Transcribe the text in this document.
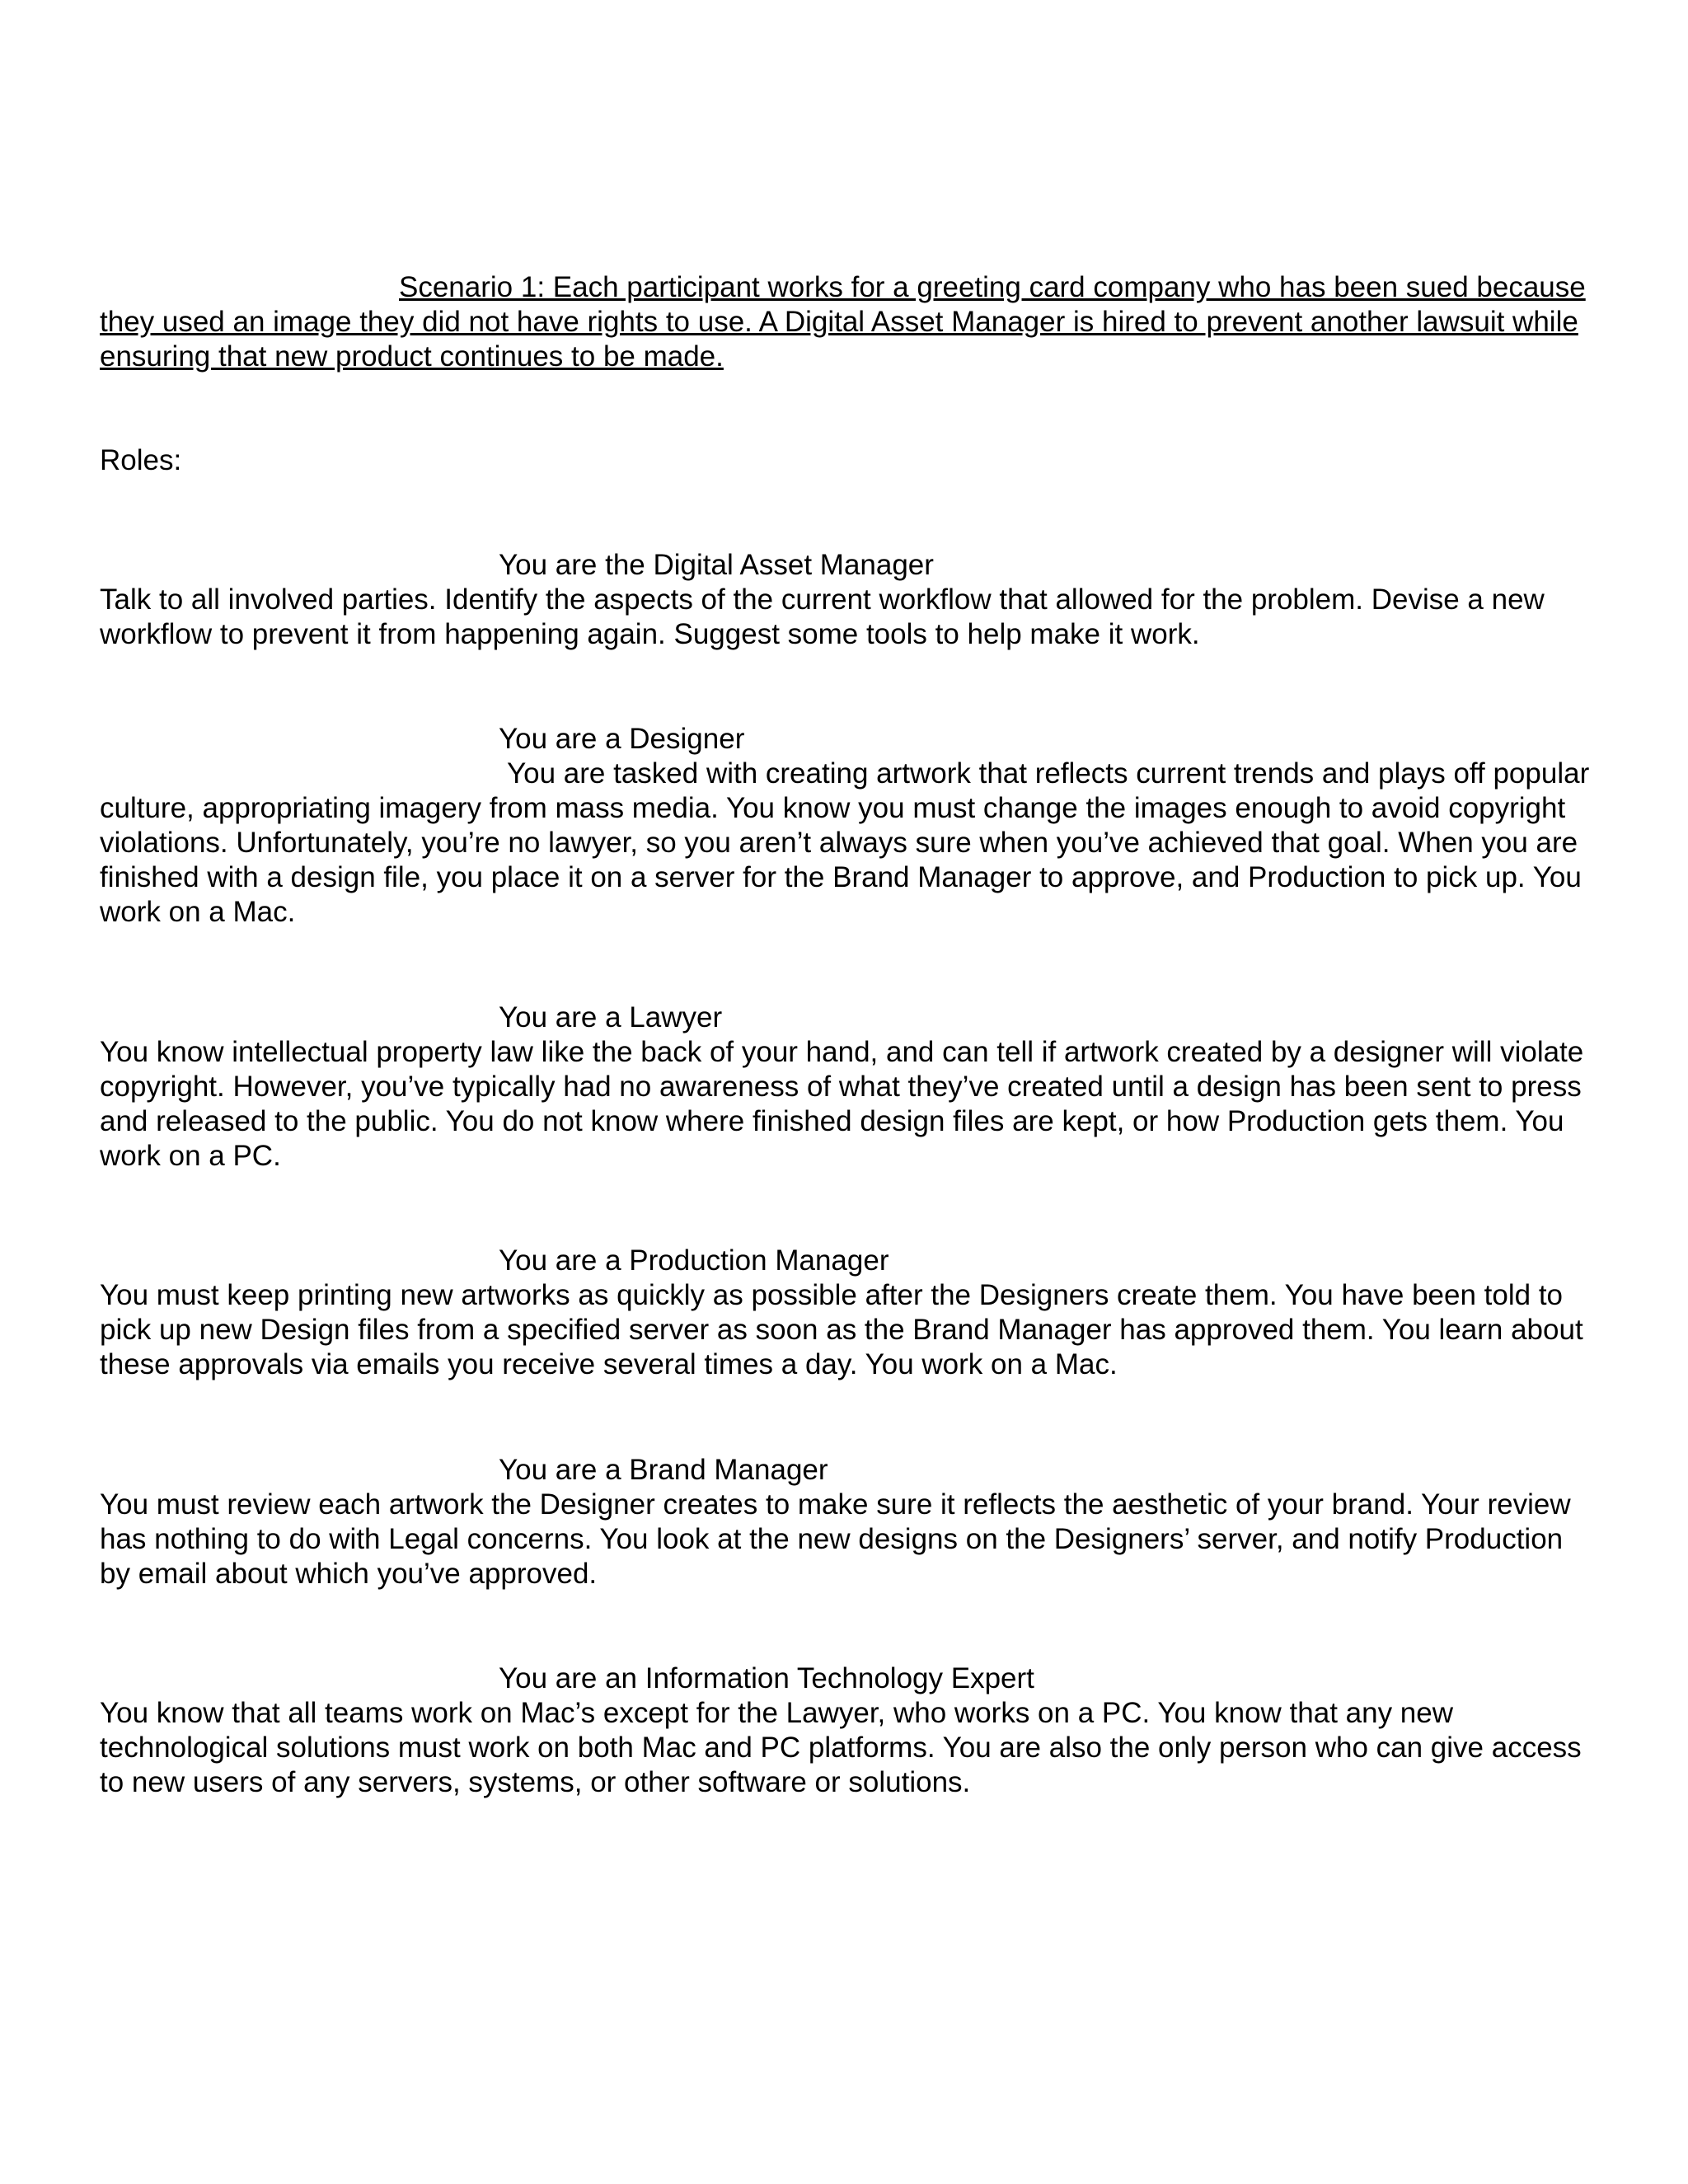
Scenario 1: Each participant works for a greeting card company who has been sued because they used an image they did not have rights to use. A Digital Asset Manager is hired to prevent another lawsuit while ensuring that new product continues to be made.
Roles:
You are the Digital Asset Manager
Talk to all involved parties. Identify the aspects of the current workflow that allowed for the problem. Devise a new workflow to prevent it from happening again. Suggest some tools to help make it work.
You are a Designer
You are tasked with creating artwork that reflects current trends and plays off popular culture, appropriating imagery from mass media. You know you must change the images enough to avoid copyright violations. Unfortunately, you’re no lawyer, so you aren’t always sure when you’ve achieved that goal. When you are finished with a design file, you place it on a server for the Brand Manager to approve, and Production to pick up. You work on a Mac.
You are a Lawyer
You know intellectual property law like the back of your hand, and can tell if artwork created by a designer will violate copyright. However, you’ve typically had no awareness of what they’ve created until a design has been sent to press and released to the public. You do not know where finished design files are kept, or how Production gets them. You work on a PC.
You are a Production Manager
You must keep printing new artworks as quickly as possible after the Designers create them. You have been told to pick up new Design files from a specified server as soon as the Brand Manager has approved them. You learn about these approvals via emails you receive several times a day. You work on a Mac.
You are a Brand Manager
You must review each artwork the Designer creates to make sure it reflects the aesthetic of your brand. Your review has nothing to do with Legal concerns. You look at the new designs on the Designers’ server, and notify Production by email about which you’ve approved.
You are an Information Technology Expert
You know that all teams work on Mac’s except for the Lawyer, who works on a PC. You know that any new technological solutions must work on both Mac and PC platforms. You are also the only person who can give access to new users of any servers, systems, or other software or solutions.
